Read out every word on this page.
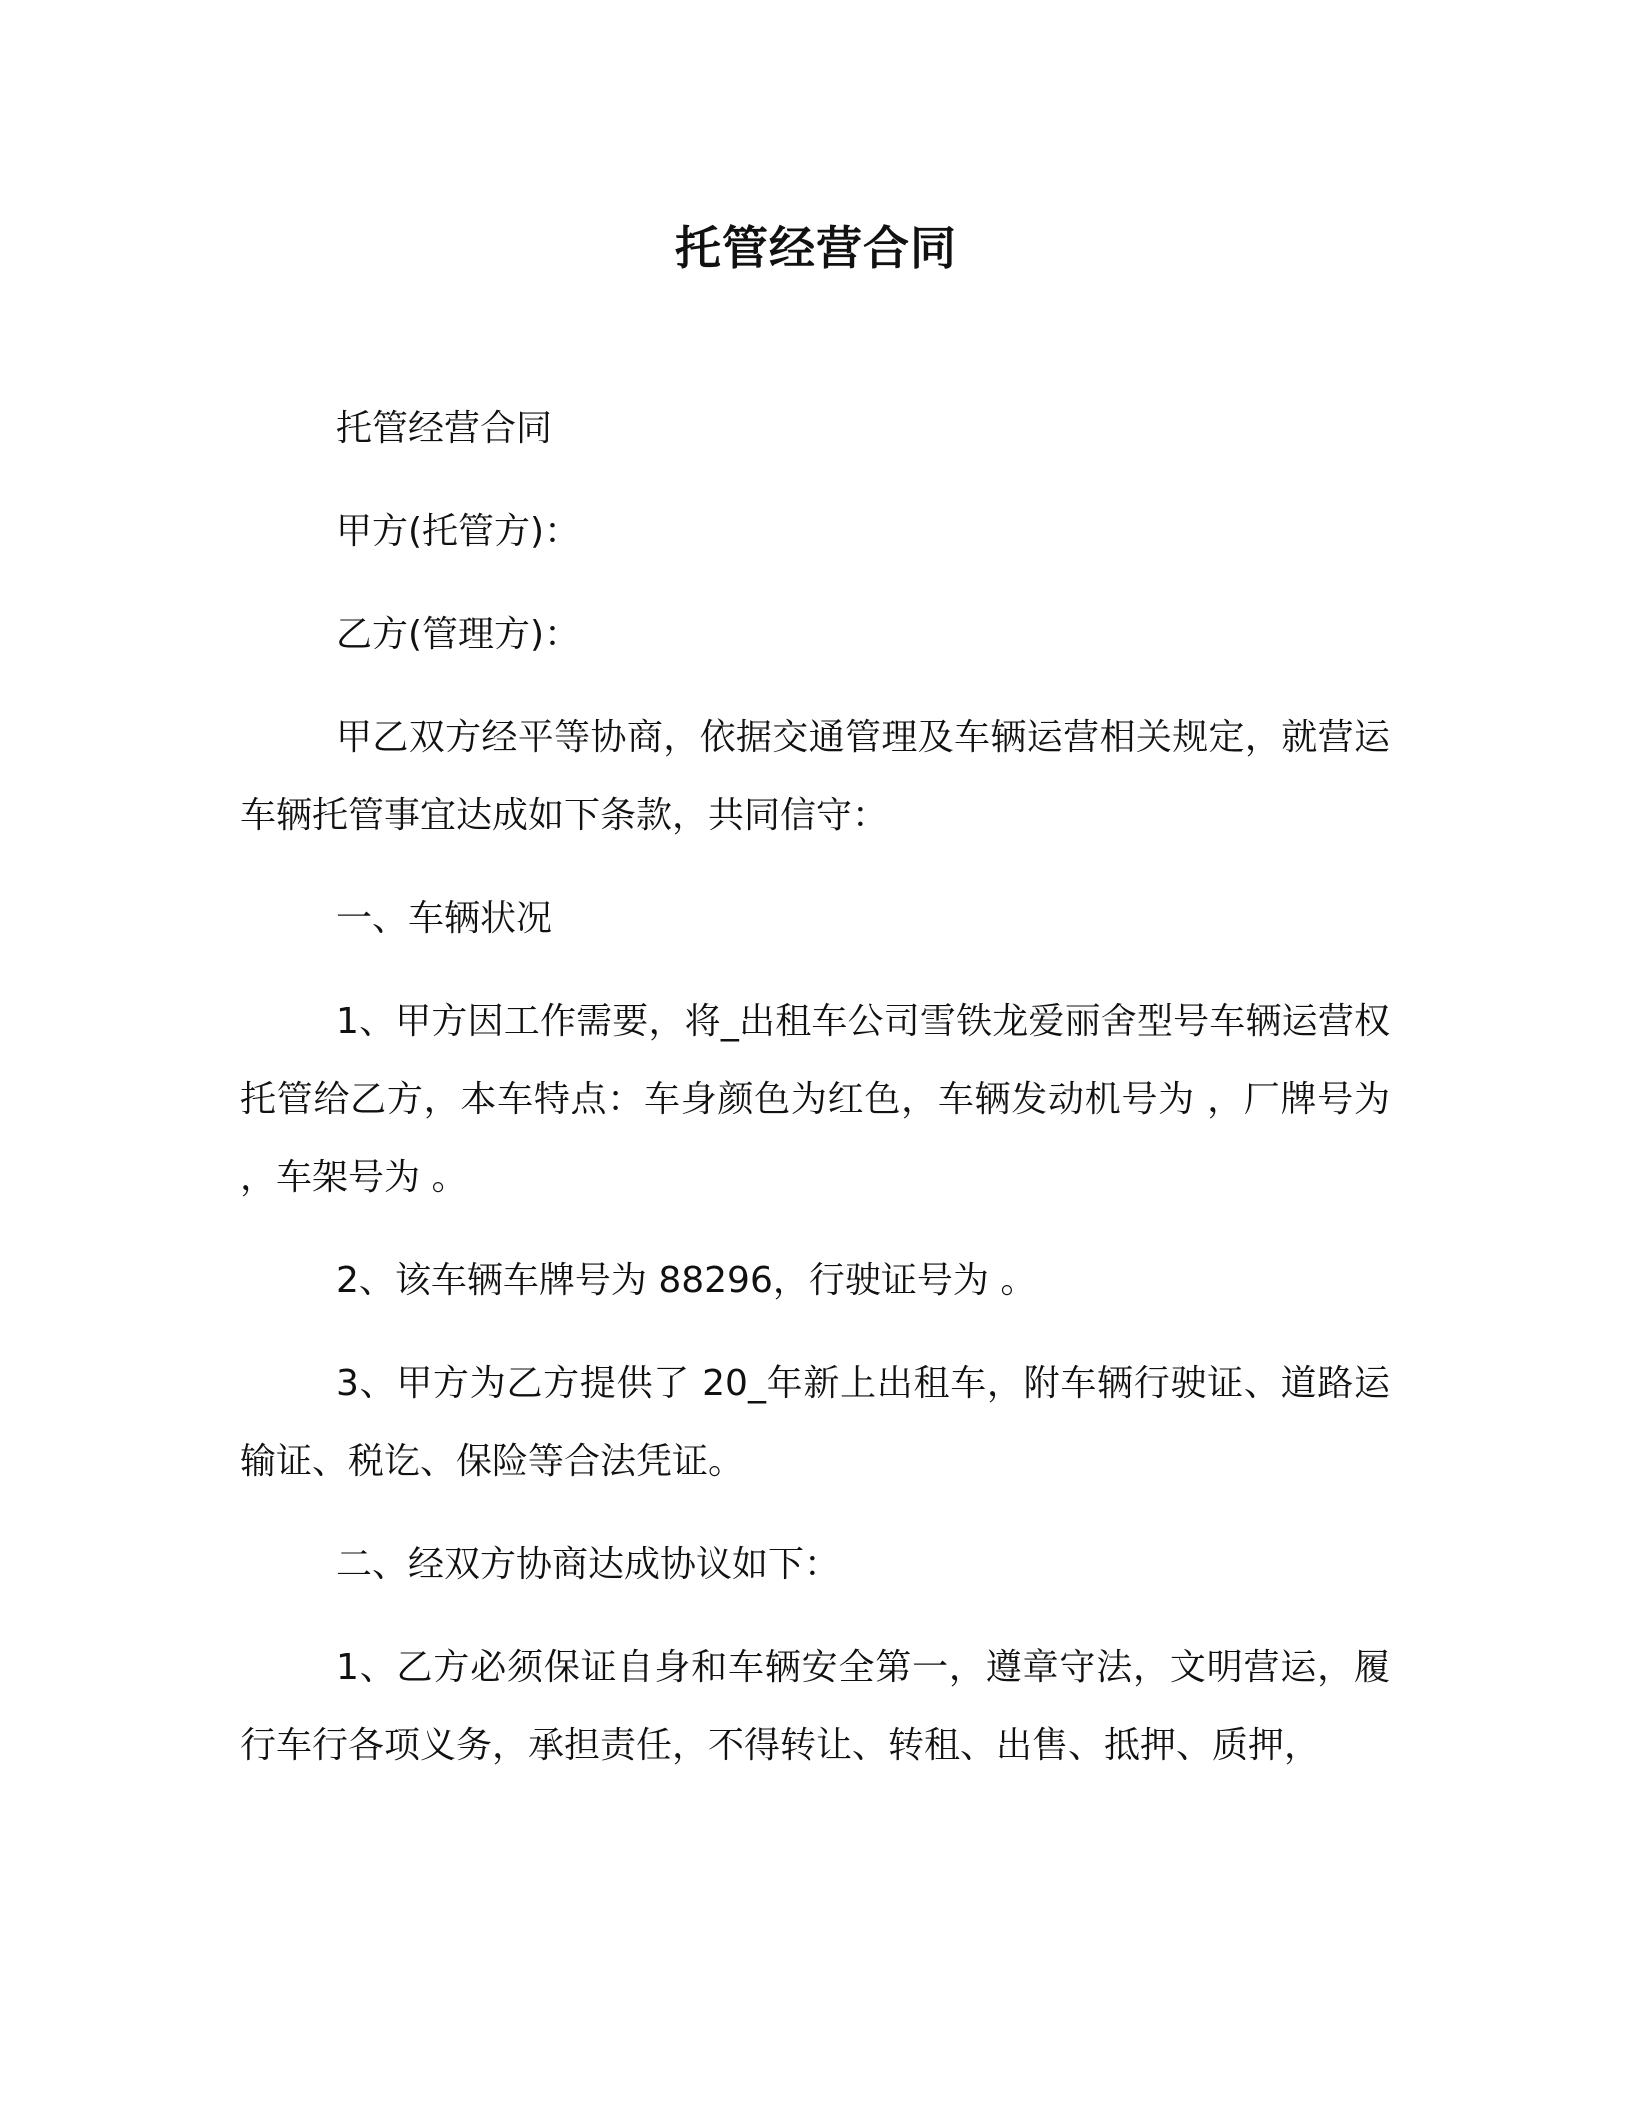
托管经营合同

托管经营合同

甲方(托管方)：

乙方(管理方)：

甲乙双方经平等协商，依据交通管理及车辆运营相关规定，就营运车辆托管事宜达成如下条款，共同信守：

一、车辆状况

1、甲方因工作需要，将_出租车公司雪铁龙爱丽舍型号车辆运营权托管给乙方，本车特点：车身颜色为红色，车辆发动机号为 ，厂牌号为 ，车架号为 。

2、该车辆车牌号为 88296，行驶证号为 。

3、甲方为乙方提供了 20_年新上出租车，附车辆行驶证、道路运输证、税讫、保险等合法凭证。

二、经双方协商达成协议如下：

1、乙方必须保证自身和车辆安全第一，遵章守法，文明营运，履行车行各项义务，承担责任，不得转让、转租、出售、抵押、质押，
